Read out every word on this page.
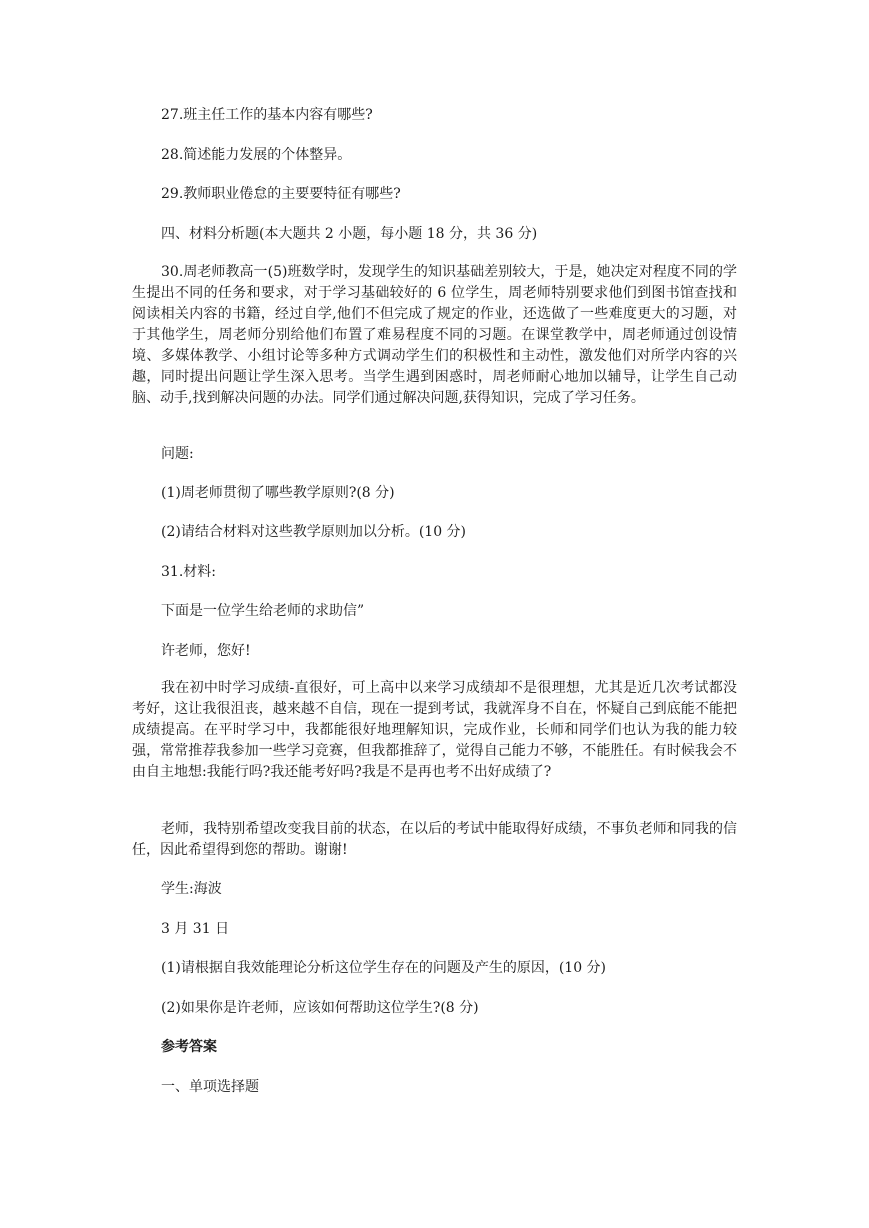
27.班主任工作的基本内容有哪些?
28.简述能力发展的个体整异。
29.教师职业倦怠的主要要特征有哪些?
四、材料分析题(本大题共 2 小题，每小题 18 分，共 36 分)
30.周老师教高一(5)班数学时，发现学生的知识基础差别较大，于是，她决定对程度不同的学生提出不同的任务和要求，对于学习基础较好的 6 位学生，周老师特别要求他们到图书馆查找和阅读相关内容的书籍，经过自学,他们不但完成了规定的作业，还选做了一些难度更大的习题，对于其他学生，周老师分别给他们布置了难易程度不同的习题。在课堂教学中，周老师通过创设情境、多媒体教学、小组讨论等多种方式调动学生们的积极性和主动性，激发他们对所学内容的兴趣，同时提出问题让学生深入思考。当学生遇到困惑时，周老师耐心地加以辅导，让学生自己动脑、动手,找到解决问题的办法。同学们通过解决问题,获得知识，完成了学习任务。
问题:
(1)周老师贯彻了哪些教学原则?(8 分)
(2)请结合材料对这些教学原则加以分析。(10 分)
31.材料:
下面是一位学生给老师的求助信”
许老师，您好!
我在初中时学习成绩-直很好，可上高中以来学习成绩却不是很理想，尤其是近几次考试都没考好，这让我很沮丧，越来越不自信，现在一提到考试，我就浑身不自在，怀疑自己到底能不能把成绩提高。在平时学习中，我都能很好地理解知识，完成作业，长师和同学们也认为我的能力较强，常常推荐我参加一些学习竞赛，但我都推辞了，觉得自己能力不够，不能胜任。有时候我会不由自主地想:我能行吗?我还能考好吗?我是不是再也考不出好成绩了?
老师，我特别希望改变我目前的状态，在以后的考试中能取得好成绩，不事负老师和同我的信任，因此希望得到您的帮助。谢谢!
学生:海波
3 月 31 日
(1)请根据自我效能理论分析这位学生存在的问题及产生的原因，(10 分)
(2)如果你是许老师，应该如何帮助这位学生?(8 分)
参考答案
一、单项选择题
